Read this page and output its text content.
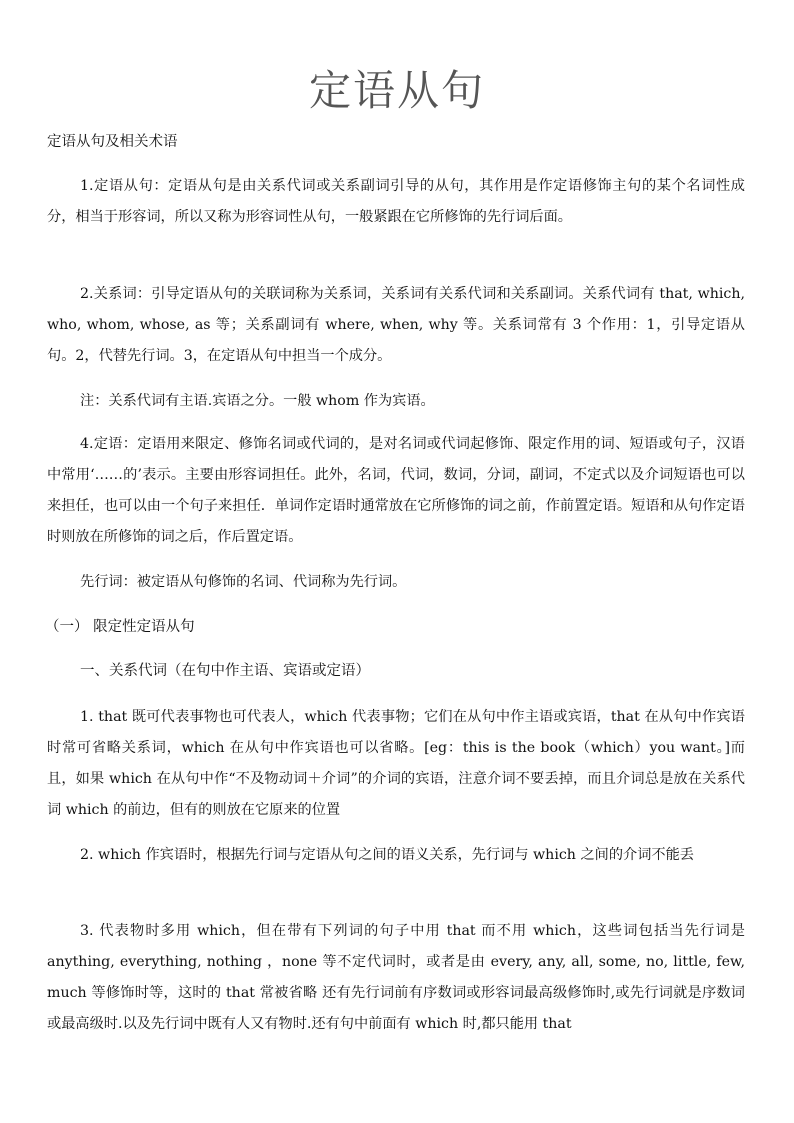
定语从句

定语从句及相关术语

1.定语从句：定语从句是由关系代词或关系副词引导的从句，其作用是作定语修饰主句的某个名词性成分，相当于形容词，所以又称为形容词性从句，一般紧跟在它所修饰的先行词后面。

2.关系词：引导定语从句的关联词称为关系词，关系词有关系代词和关系副词。关系代词有 that, which, who, whom, whose, as 等；关系副词有 where, when, why 等。关系词常有 3 个作用：1，引导定语从句。2，代替先行词。3，在定语从句中担当一个成分。

注：关系代词有主语.宾语之分。一般 whom 作为宾语。

4.定语：定语用来限定、修饰名词或代词的，是对名词或代词起修饰、限定作用的词、短语或句子，汉语中常用‘……的’表示。主要由形容词担任。此外，名词，代词，数词，分词，副词，不定式以及介词短语也可以来担任，也可以由一个句子来担任．单词作定语时通常放在它所修饰的词之前，作前置定语。短语和从句作定语时则放在所修饰的词之后，作后置定语。

先行词：被定语从句修饰的名词、代词称为先行词。

（一） 限定性定语从句

一、关系代词（在句中作主语、宾语或定语）

1. that 既可代表事物也可代表人，which 代表事物；它们在从句中作主语或宾语，that 在从句中作宾语时常可省略关系词，which 在从句中作宾语也可以省略。[eg：this is the book（which）you want。]而且，如果 which 在从句中作“不及物动词＋介词”的介词的宾语，注意介词不要丢掉，而且介词总是放在关系代词 which 的前边，但有的则放在它原来的位置

2. which 作宾语时，根据先行词与定语从句之间的语义关系，先行词与 which 之间的介词不能丢

3. 代表物时多用 which，但在带有下列词的句子中用 that 而不用 which，这些词包括当先行词是 anything, everything, nothing ，none 等不定代词时，或者是由 every, any, all, some, no, little, few, much 等修饰时等，这时的 that 常被省略 还有先行词前有序数词或形容词最高级修饰时,或先行词就是序数词或最高级时.以及先行词中既有人又有物时.还有句中前面有 which 时,都只能用 that
